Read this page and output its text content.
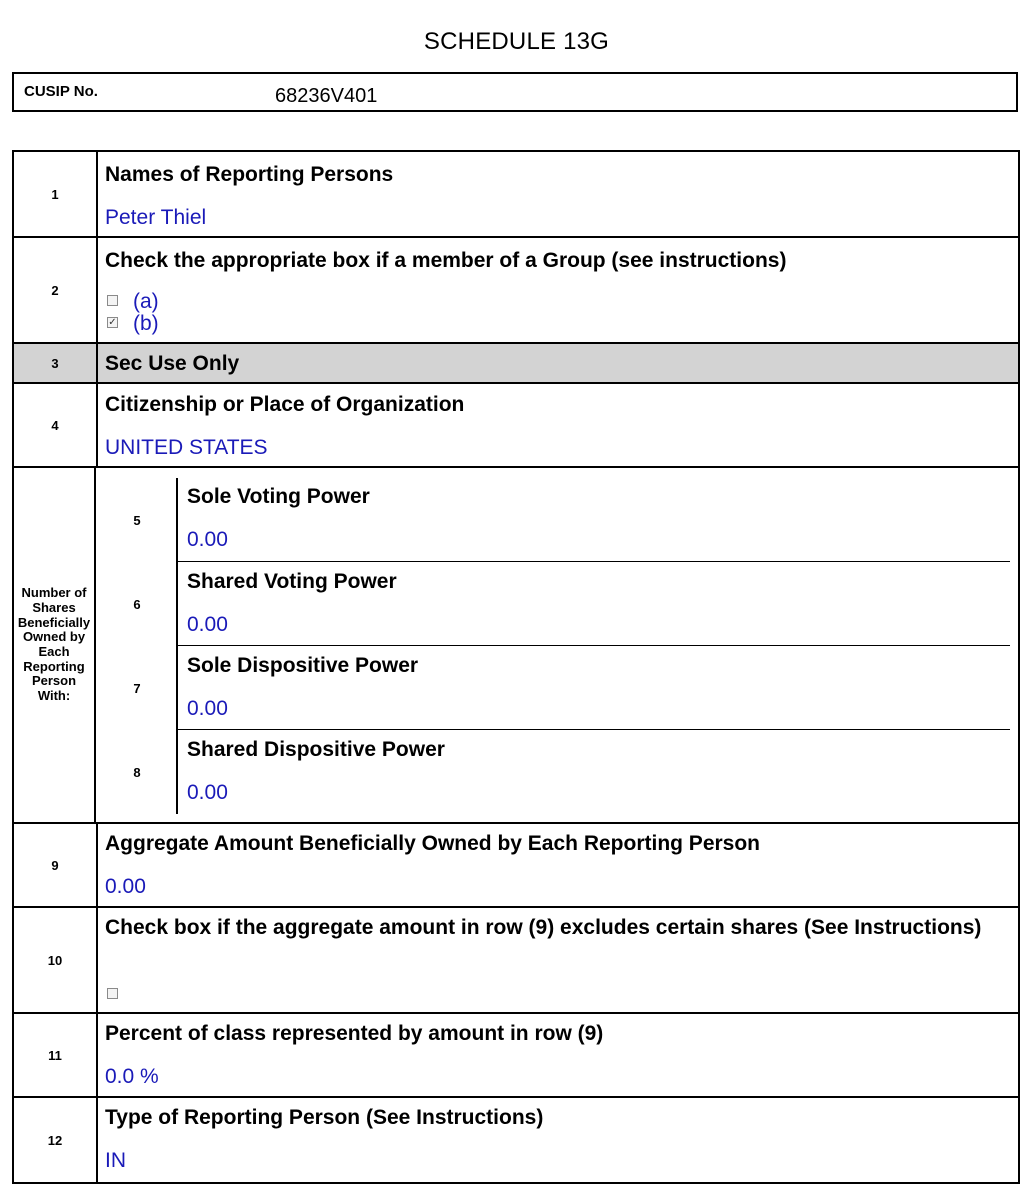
SCHEDULE 13G
CUSIP No.	68236V401
1
Names of Reporting Persons
Peter Thiel
2
Check the appropriate box if a member of a Group (see instructions)
(a)
✓ (b)
3	Sec Use Only
4
Citizenship or Place of Organization
UNITED STATES
Number of Shares Beneficially Owned by Each Reporting Person With:
5
Sole Voting Power
0.00
6
Shared Voting Power
0.00
7
Sole Dispositive Power
0.00
8
Shared Dispositive Power
0.00
9
Aggregate Amount Beneficially Owned by Each Reporting Person
0.00
10
Check box if the aggregate amount in row (9) excludes certain shares (See Instructions)
11
Percent of class represented by amount in row (9)
0.0 %
12
Type of Reporting Person (See Instructions)
IN
